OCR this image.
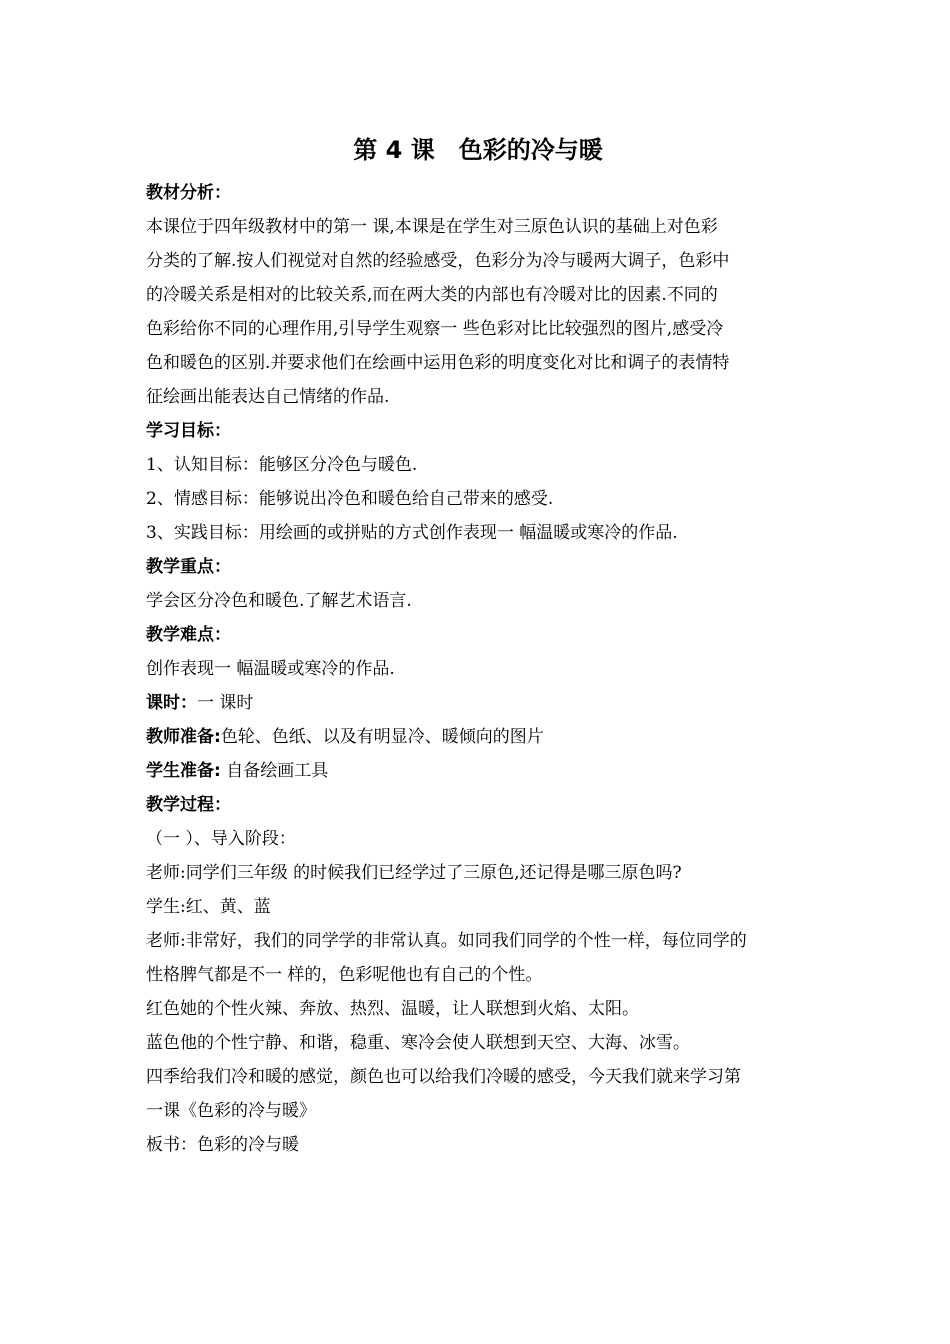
第 4 课　色彩的冷与暖
教材分析：
本课位于四年级教材中的第一 课,本课是在学生对三原色认识的基础上对色彩
分类的了解.按人们视觉对自然的经验感受，色彩分为冷与暖两大调子，色彩中
的冷暖关系是相对的比较关系,而在两大类的内部也有冷暖对比的因素.不同的
色彩给你不同的心理作用,引导学生观察一 些色彩对比比较强烈的图片,感受冷
色和暖色的区别.并要求他们在绘画中运用色彩的明度变化对比和调子的表情特
征绘画出能表达自己情绪的作品.
学习目标：
1、认知目标：能够区分冷色与暖色.
2、情感目标：能够说出冷色和暖色给自己带来的感受.
3、实践目标：用绘画的或拼贴的方式创作表现一 幅温暖或寒冷的作品.
教学重点：
学会区分冷色和暖色.了解艺术语言.
教学难点：
创作表现一 幅温暖或寒冷的作品.
课时：一 课时
教师准备:色轮、色纸、以及有明显冷、暖倾向的图片
学生准备: 自备绘画工具
教学过程：
（一 ）、导入阶段：
老师:同学们三年级 的时候我们已经学过了三原色,还记得是哪三原色吗?
学生:红、黄、蓝
老师:非常好，我们的同学学的非常认真。如同我们同学的个性一样，每位同学的
性格脾气都是不一 样的，色彩呢他也有自己的个性。
红色她的个性火辣、奔放、热烈、温暖，让人联想到火焰、太阳。
蓝色他的个性宁静、和谐，稳重、寒冷会使人联想到天空、大海、冰雪。
四季给我们冷和暖的感觉，颜色也可以给我们冷暖的感受，今天我们就来学习第
一课《色彩的冷与暖》
板书：色彩的冷与暖
